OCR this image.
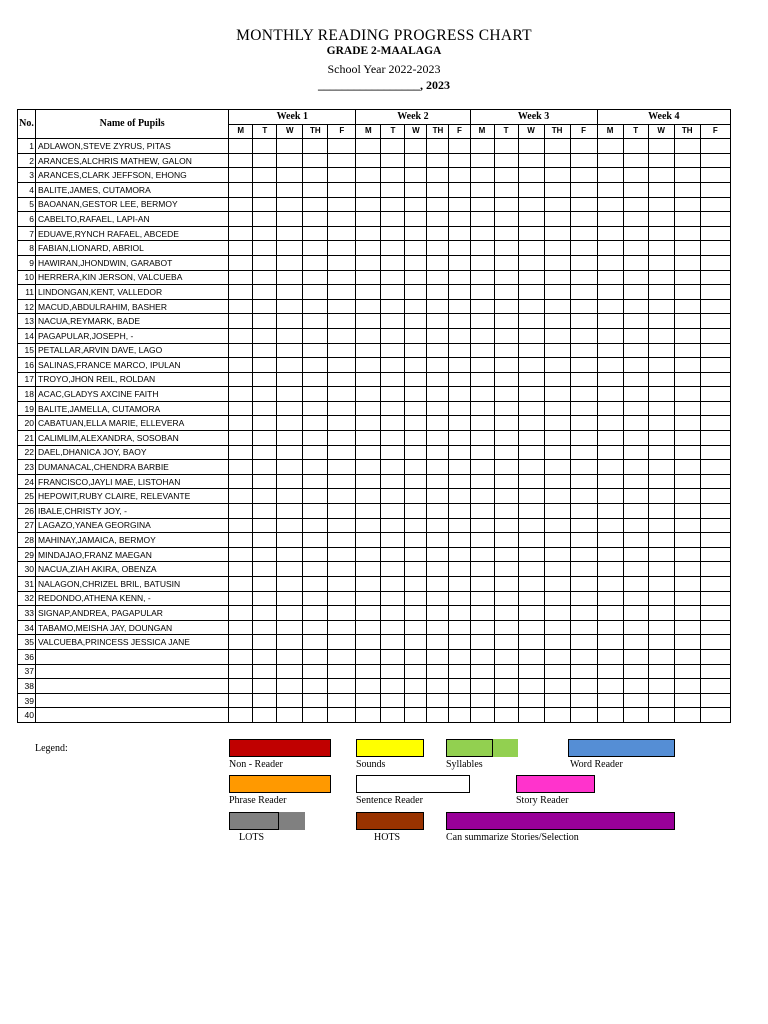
MONTHLY READING PROGRESS CHART
GRADE 2-MAALAGA
School Year 2022-2023
_________________, 2023
No.	Name of Pupils	Week 1					Week 2					Week 3					Week 4				
		M	T	W	TH	F	M	T	W	TH	F	M	T	W	TH	F	M	T	W	TH	F
1	ADLAWON,STEVE ZYRUS, PITAS																				
2	ARANCES,ALCHRIS MATHEW, GALON																				
3	ARANCES,CLARK JEFFSON, EHONG																				
4	BALITE,JAMES, CUTAMORA																				
5	BAOANAN,GESTOR LEE, BERMOY																				
6	CABELTO,RAFAEL, LAPI-AN																				
7	EDUAVE,RYNCH RAFAEL, ABCEDE																				
8	FABIAN,LIONARD, ABRIOL																				
9	HAWIRAN,JHONDWIN, GARABOT																				
10	HERRERA,KIN JERSON, VALCUEBA																				
11	LINDONGAN,KENT, VALLEDOR																				
12	MACUD,ABDULRAHIM, BASHER																				
13	NACUA,REYMARK, BADE																				
14	PAGAPULAR,JOSEPH, -																				
15	PETALLAR,ARVIN DAVE, LAGO																				
16	SALINAS,FRANCE MARCO, IPULAN																				
17	TROYO,JHON REIL, ROLDAN																				
18	ACAC,GLADYS AXCINE FAITH																				
19	BALITE,JAMELLA, CUTAMORA																				
20	CABATUAN,ELLA MARIE, ELLEVERA																				
21	CALIMLIM,ALEXANDRA, SOSOBAN																				
22	DAEL,DHANICA JOY, BAOY																				
23	DUMANACAL,CHENDRA BARBIE																				
24	FRANCISCO,JAYLI MAE, LISTOHAN																				
25	HEPOWIT,RUBY CLAIRE, RELEVANTE																				
26	IBALE,CHRISTY JOY, -																				
27	LAGAZO,YANEA GEORGINA																				
28	MAHINAY,JAMAICA, BERMOY																				
29	MINDAJAO,FRANZ MAEGAN																				
30	NACUA,ZIAH AKIRA, OBENZA																				
31	NALAGON,CHRIZEL BRIL, BATUSIN																				
32	REDONDO,ATHENA KENN, -																				
33	SIGNAP,ANDREA, PAGAPULAR																				
34	TABAMO,MEISHA JAY, DOUNGAN																				
35	VALCUEBA,PRINCESS JESSICA JANE																				
36																					
37																					
38																					
39																					
40																					
Legend:
Non - Reader	Sounds	Syllables	Word Reader
Phrase Reader	Sentence Reader	Story Reader
LOTS	HOTS	Can summarize Stories/Selection
